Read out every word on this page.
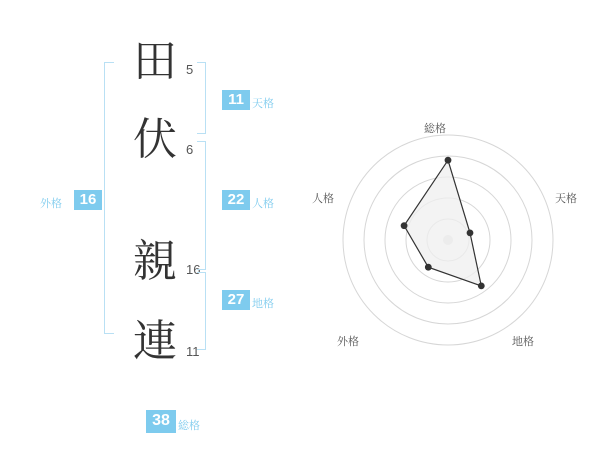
外格	16
田 5
伏 6
親 16
連 11
11 天格
22 人格
27 地格
38 総格
総格
天格
地格
外格
人格
